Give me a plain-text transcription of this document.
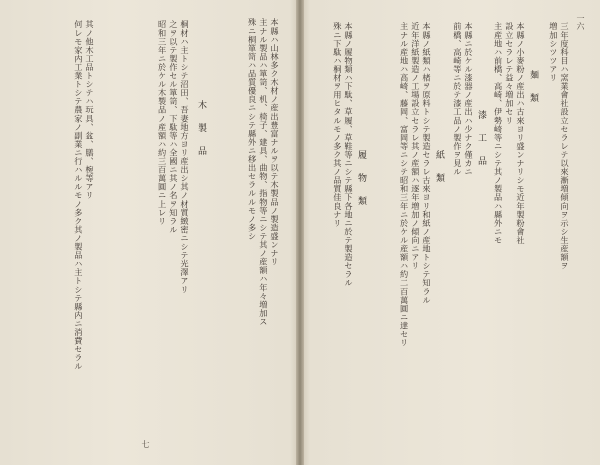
本縣ハ山林多ク木材ノ産出豊富ナルヲ以テ木製品ノ製造盛ンナリ
主ナル製品ハ箪笥、机、椅子、建具、曲物、指物等ニシテ其ノ産額ハ年々増加ス
殊ニ桐箪笥ハ品質優良ニシテ縣外ニ移出セラルルモノ多シ
木製品
桐材ハ主トシテ沼田、吾妻地方ヨリ産出シ其ノ材質緻密ニシテ光澤アリ
之ヲ以テ製作セル箪笥、下駄等ハ全國ニ其ノ名ヲ知ラル
昭和三年ニ於ケル木製品ノ産額ハ約三百萬圓ニ上レリ
其ノ他木工品トシテハ玩具、盆、膳、椀等アリ
何レモ家内工業トシテ農家ノ副業ニ行ハルルモノ多ク其ノ製品ハ主トシテ縣内ニ消費セラル
七
一六
三年度科目ハ窯業會社設立セラレテ以來漸増傾向ヲ示シ生産額ヲ増加シツツアリ

麺類
本縣ノ小麥粉ノ産出ハ古來ヨリ盛ンナリシモ近年製粉會社設立セラレテ益々増加セリ
主産地ハ前橋、高崎、伊勢崎等ニシテ其ノ製品ハ縣外ニモ

漆工品
本縣ニ於ケル漆器ノ産出ハ少ナク僅カニ前橋、高崎等ニ於テ漆工品ノ製作ヲ見ル

紙類
本縣ノ紙類ハ楮ヲ原料トシテ製造セラレ古來ヨリ和紙ノ産地トシテ知ラル
近年洋紙製造ノ工場設立セラレ其ノ産額ハ逐年増加ノ傾向ニアリ
主ナル産地ハ高崎、藤岡、富岡等ニシテ昭和三年ニ於ケル産額ハ約二百萬圓ニ達セリ
履物類
本縣ノ履物類ハ下駄、草履、草鞋等ニシテ縣下各地ニ於テ製造セラル
殊ニ下駄ハ桐材ヲ用ヒタルモノ多ク其ノ品質佳良ナリ
